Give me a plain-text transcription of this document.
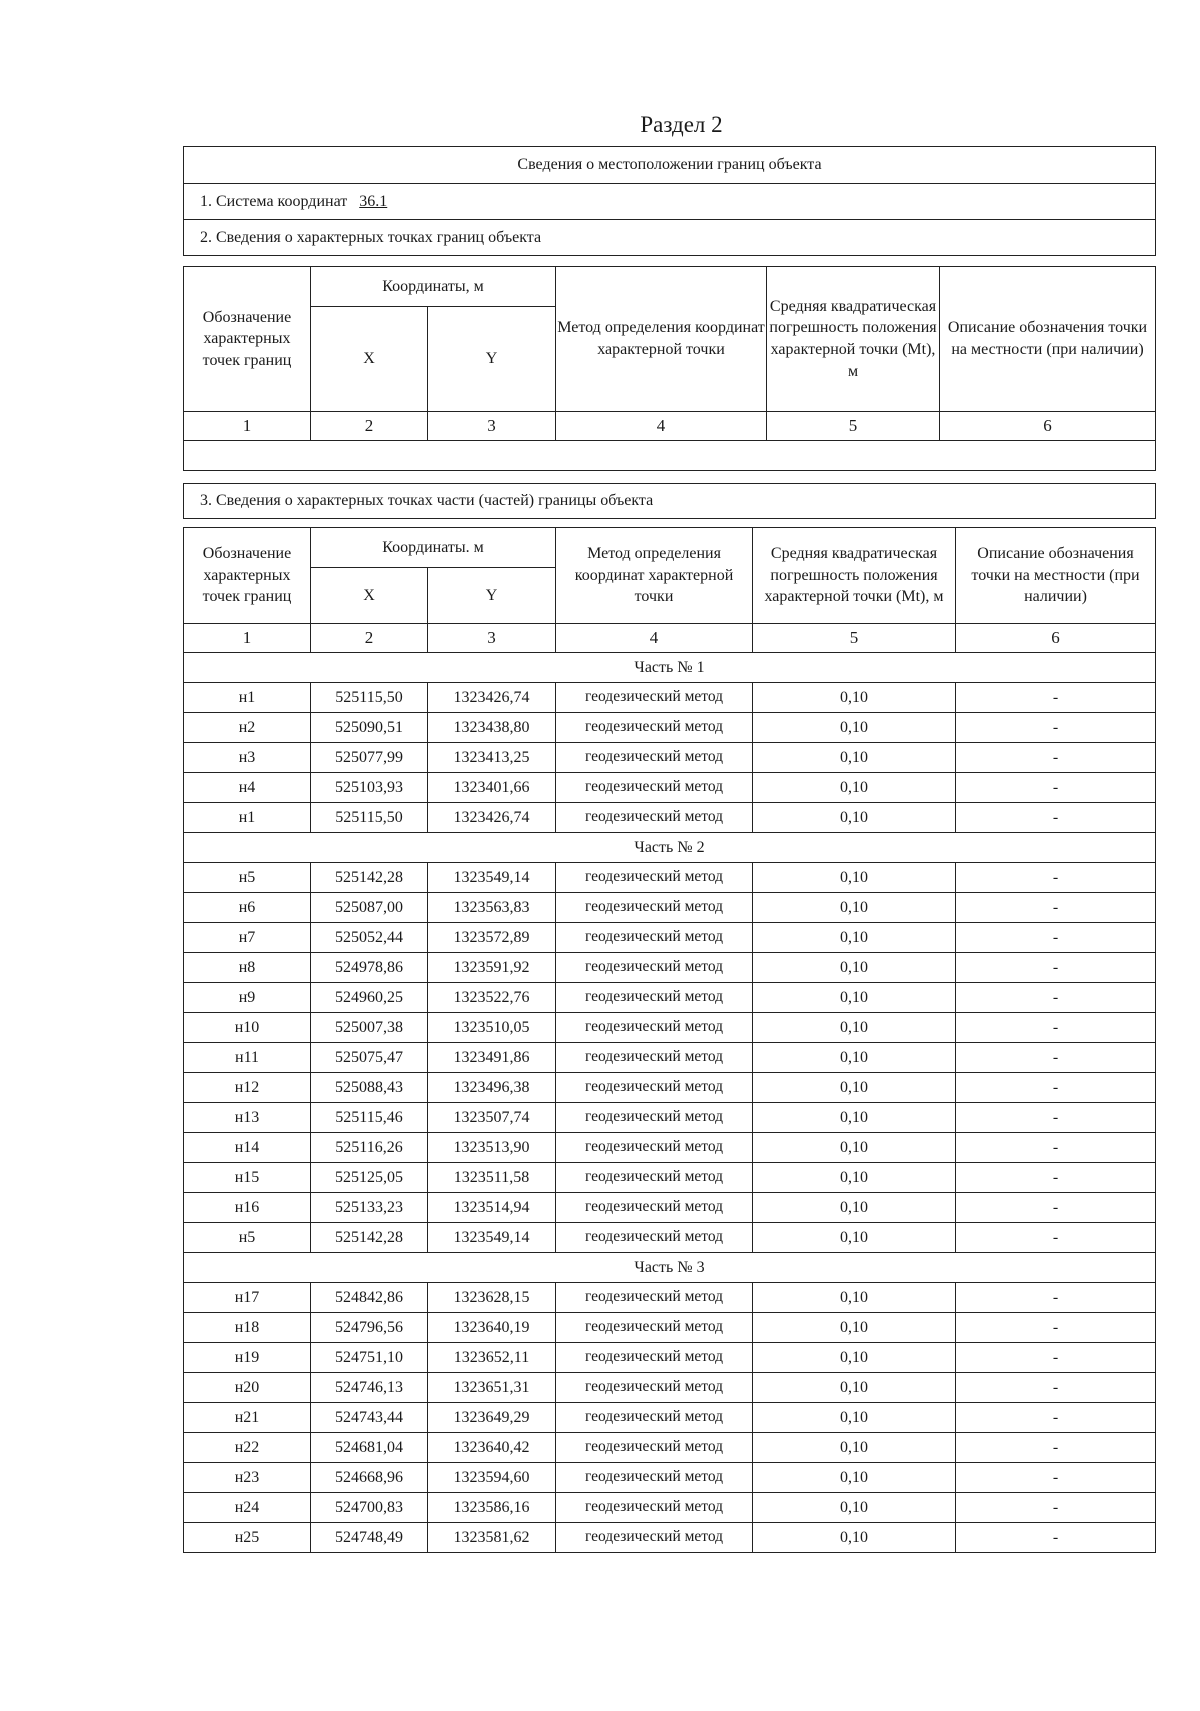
Раздел 2
Сведения о местоположении границ объекта
1. Система координат 36.1
2. Сведения о характерных точках границ объекта
Обозначение характерных точек границ	Координаты, м		Метод определения координат характерной точки	Средняя квадратическая погрешность положения характерной точки (Mt), м	Описание обозначения точки на местности (при наличии)
	X	Y			
1	2	3	4	5	6

3. Сведения о характерных точках части (частей) границы объекта
Обозначение характерных точек границ	Координаты. м		Метод определения координат характерной точки	Средняя квадратическая погрешность положения характерной точки (Mt), м	Описание обозначения точки на местности (при наличии)
	X	Y			
1	2	3	4	5	6
Часть № 1					
н1	525115,50	1323426,74	геодезический метод	0,10	-
н2	525090,51	1323438,80	геодезический метод	0,10	-
н3	525077,99	1323413,25	геодезический метод	0,10	-
н4	525103,93	1323401,66	геодезический метод	0,10	-
н1	525115,50	1323426,74	геодезический метод	0,10	-
Часть № 2					
н5	525142,28	1323549,14	геодезический метод	0,10	-
н6	525087,00	1323563,83	геодезический метод	0,10	-
н7	525052,44	1323572,89	геодезический метод	0,10	-
н8	524978,86	1323591,92	геодезический метод	0,10	-
н9	524960,25	1323522,76	геодезический метод	0,10	-
н10	525007,38	1323510,05	геодезический метод	0,10	-
н11	525075,47	1323491,86	геодезический метод	0,10	-
н12	525088,43	1323496,38	геодезический метод	0,10	-
н13	525115,46	1323507,74	геодезический метод	0,10	-
н14	525116,26	1323513,90	геодезический метод	0,10	-
н15	525125,05	1323511,58	геодезический метод	0,10	-
н16	525133,23	1323514,94	геодезический метод	0,10	-
н5	525142,28	1323549,14	геодезический метод	0,10	-
Часть № 3					
н17	524842,86	1323628,15	геодезический метод	0,10	-
н18	524796,56	1323640,19	геодезический метод	0,10	-
н19	524751,10	1323652,11	геодезический метод	0,10	-
н20	524746,13	1323651,31	геодезический метод	0,10	-
н21	524743,44	1323649,29	геодезический метод	0,10	-
н22	524681,04	1323640,42	геодезический метод	0,10	-
н23	524668,96	1323594,60	геодезический метод	0,10	-
н24	524700,83	1323586,16	геодезический метод	0,10	-
н25	524748,49	1323581,62	геодезический метод	0,10	-
